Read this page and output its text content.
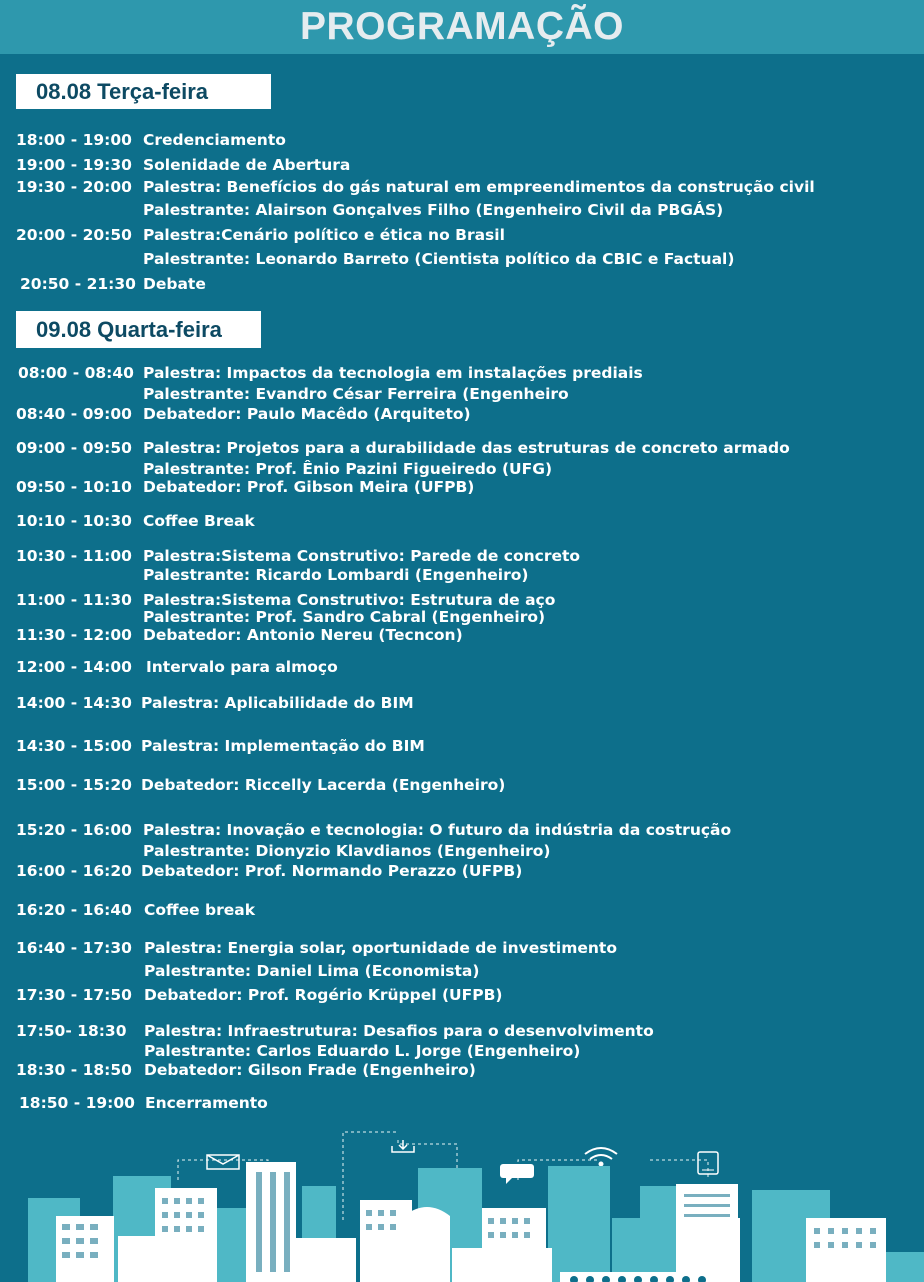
PROGRAMAÇÃO
08.08 Terça-feira
09.08 Quarta-feira
18:00 - 19:00 Credenciamento
19:00 - 19:30 Solenidade de Abertura
19:30 - 20:00 Palestra: Benefícios do gás natural em empreendimentos da construção civil
Palestrante: Alairson Gonçalves Filho (Engenheiro Civil da PBGÁS)
20:00 - 20:50 Palestra:Cenário político e ética no Brasil
Palestrante: Leonardo Barreto (Cientista político da CBIC e Factual)
20:50 - 21:30 Debate
08:00 - 08:40 Palestra: Impactos da tecnologia em instalações prediais
Palestrante: Evandro César Ferreira (Engenheiro
08:40 - 09:00 Debatedor: Paulo Macêdo (Arquiteto)
09:00 - 09:50 Palestra: Projetos para a durabilidade das estruturas de concreto armado
Palestrante: Prof. Ênio Pazini Figueiredo (UFG)
09:50 - 10:10 Debatedor: Prof. Gibson Meira (UFPB)
10:10 - 10:30 Coffee Break
10:30 - 11:00 Palestra:Sistema Construtivo: Parede de concreto
Palestrante: Ricardo Lombardi (Engenheiro)
11:00 - 11:30 Palestra:Sistema Construtivo: Estrutura de aço
Palestrante: Prof. Sandro Cabral (Engenheiro)
11:30 - 12:00 Debatedor: Antonio Nereu (Tecncon)
12:00 - 14:00 Intervalo para almoço
14:00 - 14:30 Palestra: Aplicabilidade do BIM
14:30 - 15:00 Palestra: Implementação do BIM
15:00 - 15:20 Debatedor: Riccelly Lacerda (Engenheiro)
15:20 - 16:00 Palestra: Inovação e tecnologia: O futuro da indústria da costrução
Palestrante: Dionyzio Klavdianos (Engenheiro)
16:00 - 16:20 Debatedor: Prof. Normando Perazzo (UFPB)
16:20 - 16:40 Coffee break
16:40 - 17:30 Palestra: Energia solar, oportunidade de investimento
Palestrante: Daniel Lima (Economista)
17:30 - 17:50 Debatedor: Prof. Rogério Krüppel (UFPB)
17:50- 18:30 Palestra: Infraestrutura: Desafios para o desenvolvimento
Palestrante: Carlos Eduardo L. Jorge (Engenheiro)
18:30 - 18:50 Debatedor: Gilson Frade (Engenheiro)
18:50 - 19:00 Encerramento
